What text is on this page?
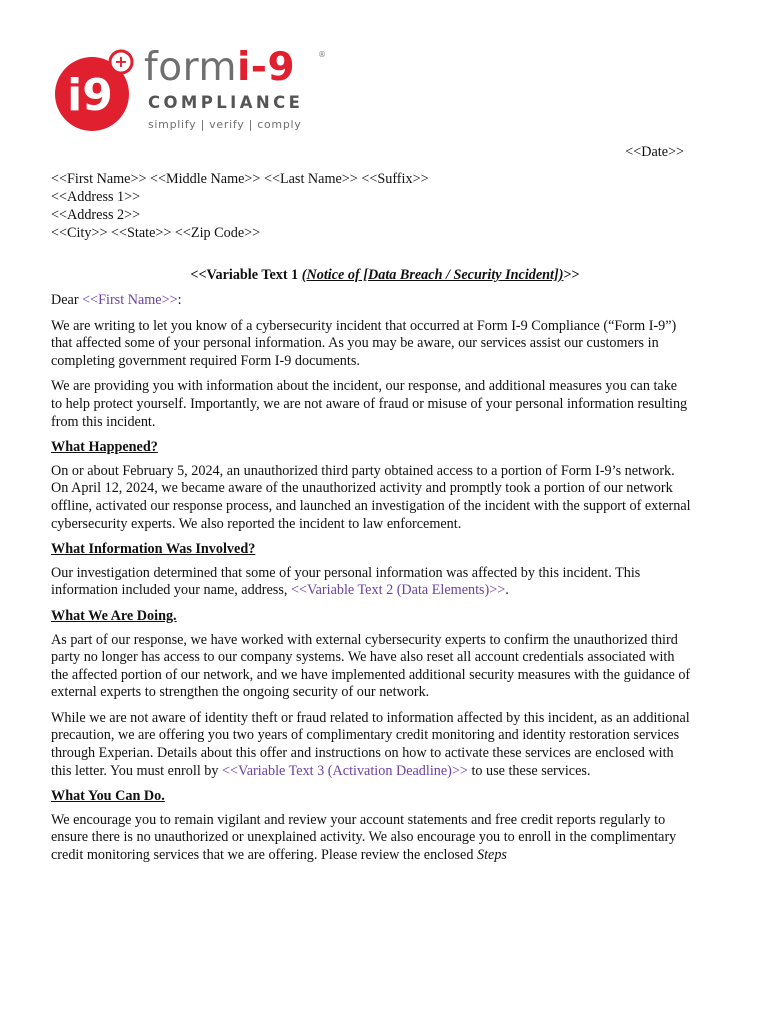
+
i9
formi-9	®
COMPLIANCE
simplify | verify | comply
<<Date>>
<<First Name>> <<Middle Name>> <<Last Name>> <<Suffix>>
<<Address 1>>
<<Address 2>>
<<City>> <<State>> <<Zip Code>>
<<Variable Text 1 (Notice of [Data Breach / Security Incident])>>

Dear <<First Name>>:

We are writing to let you know of a cybersecurity incident that occurred at Form I-9 Compliance (“Form I-9”) that affected some of your personal information. As you may be aware, our services assist our customers in completing government required Form I-9 documents.

We are providing you with information about the incident, our response, and additional measures you can take to help protect yourself. Importantly, we are not aware of fraud or misuse of your personal information resulting from this incident.

What Happened?

On or about February 5, 2024, an unauthorized third party obtained access to a portion of Form I-9’s network. On April 12, 2024, we became aware of the unauthorized activity and promptly took a portion of our network offline, activated our response process, and launched an investigation of the incident with the support of external cybersecurity experts. We also reported the incident to law enforcement.

What Information Was Involved?

Our investigation determined that some of your personal information was affected by this incident. This information included your name, address, <<Variable Text 2 (Data Elements)>>.

What We Are Doing.

As part of our response, we have worked with external cybersecurity experts to confirm the unauthorized third party no longer has access to our company systems. We have also reset all account credentials associated with the affected portion of our network, and we have implemented additional security measures with the guidance of external experts to strengthen the ongoing security of our network.

While we are not aware of identity theft or fraud related to information affected by this incident, as an additional precaution, we are offering you two years of complimentary credit monitoring and identity restoration services through Experian. Details about this offer and instructions on how to activate these services are enclosed with this letter. You must enroll by <<Variable Text 3 (Activation Deadline)>> to use these services.

What You Can Do.

We encourage you to remain vigilant and review your account statements and free credit reports regularly to ensure there is no unauthorized or unexplained activity. We also encourage you to enroll in the complimentary credit monitoring services that we are offering. Please review the enclosed Steps
